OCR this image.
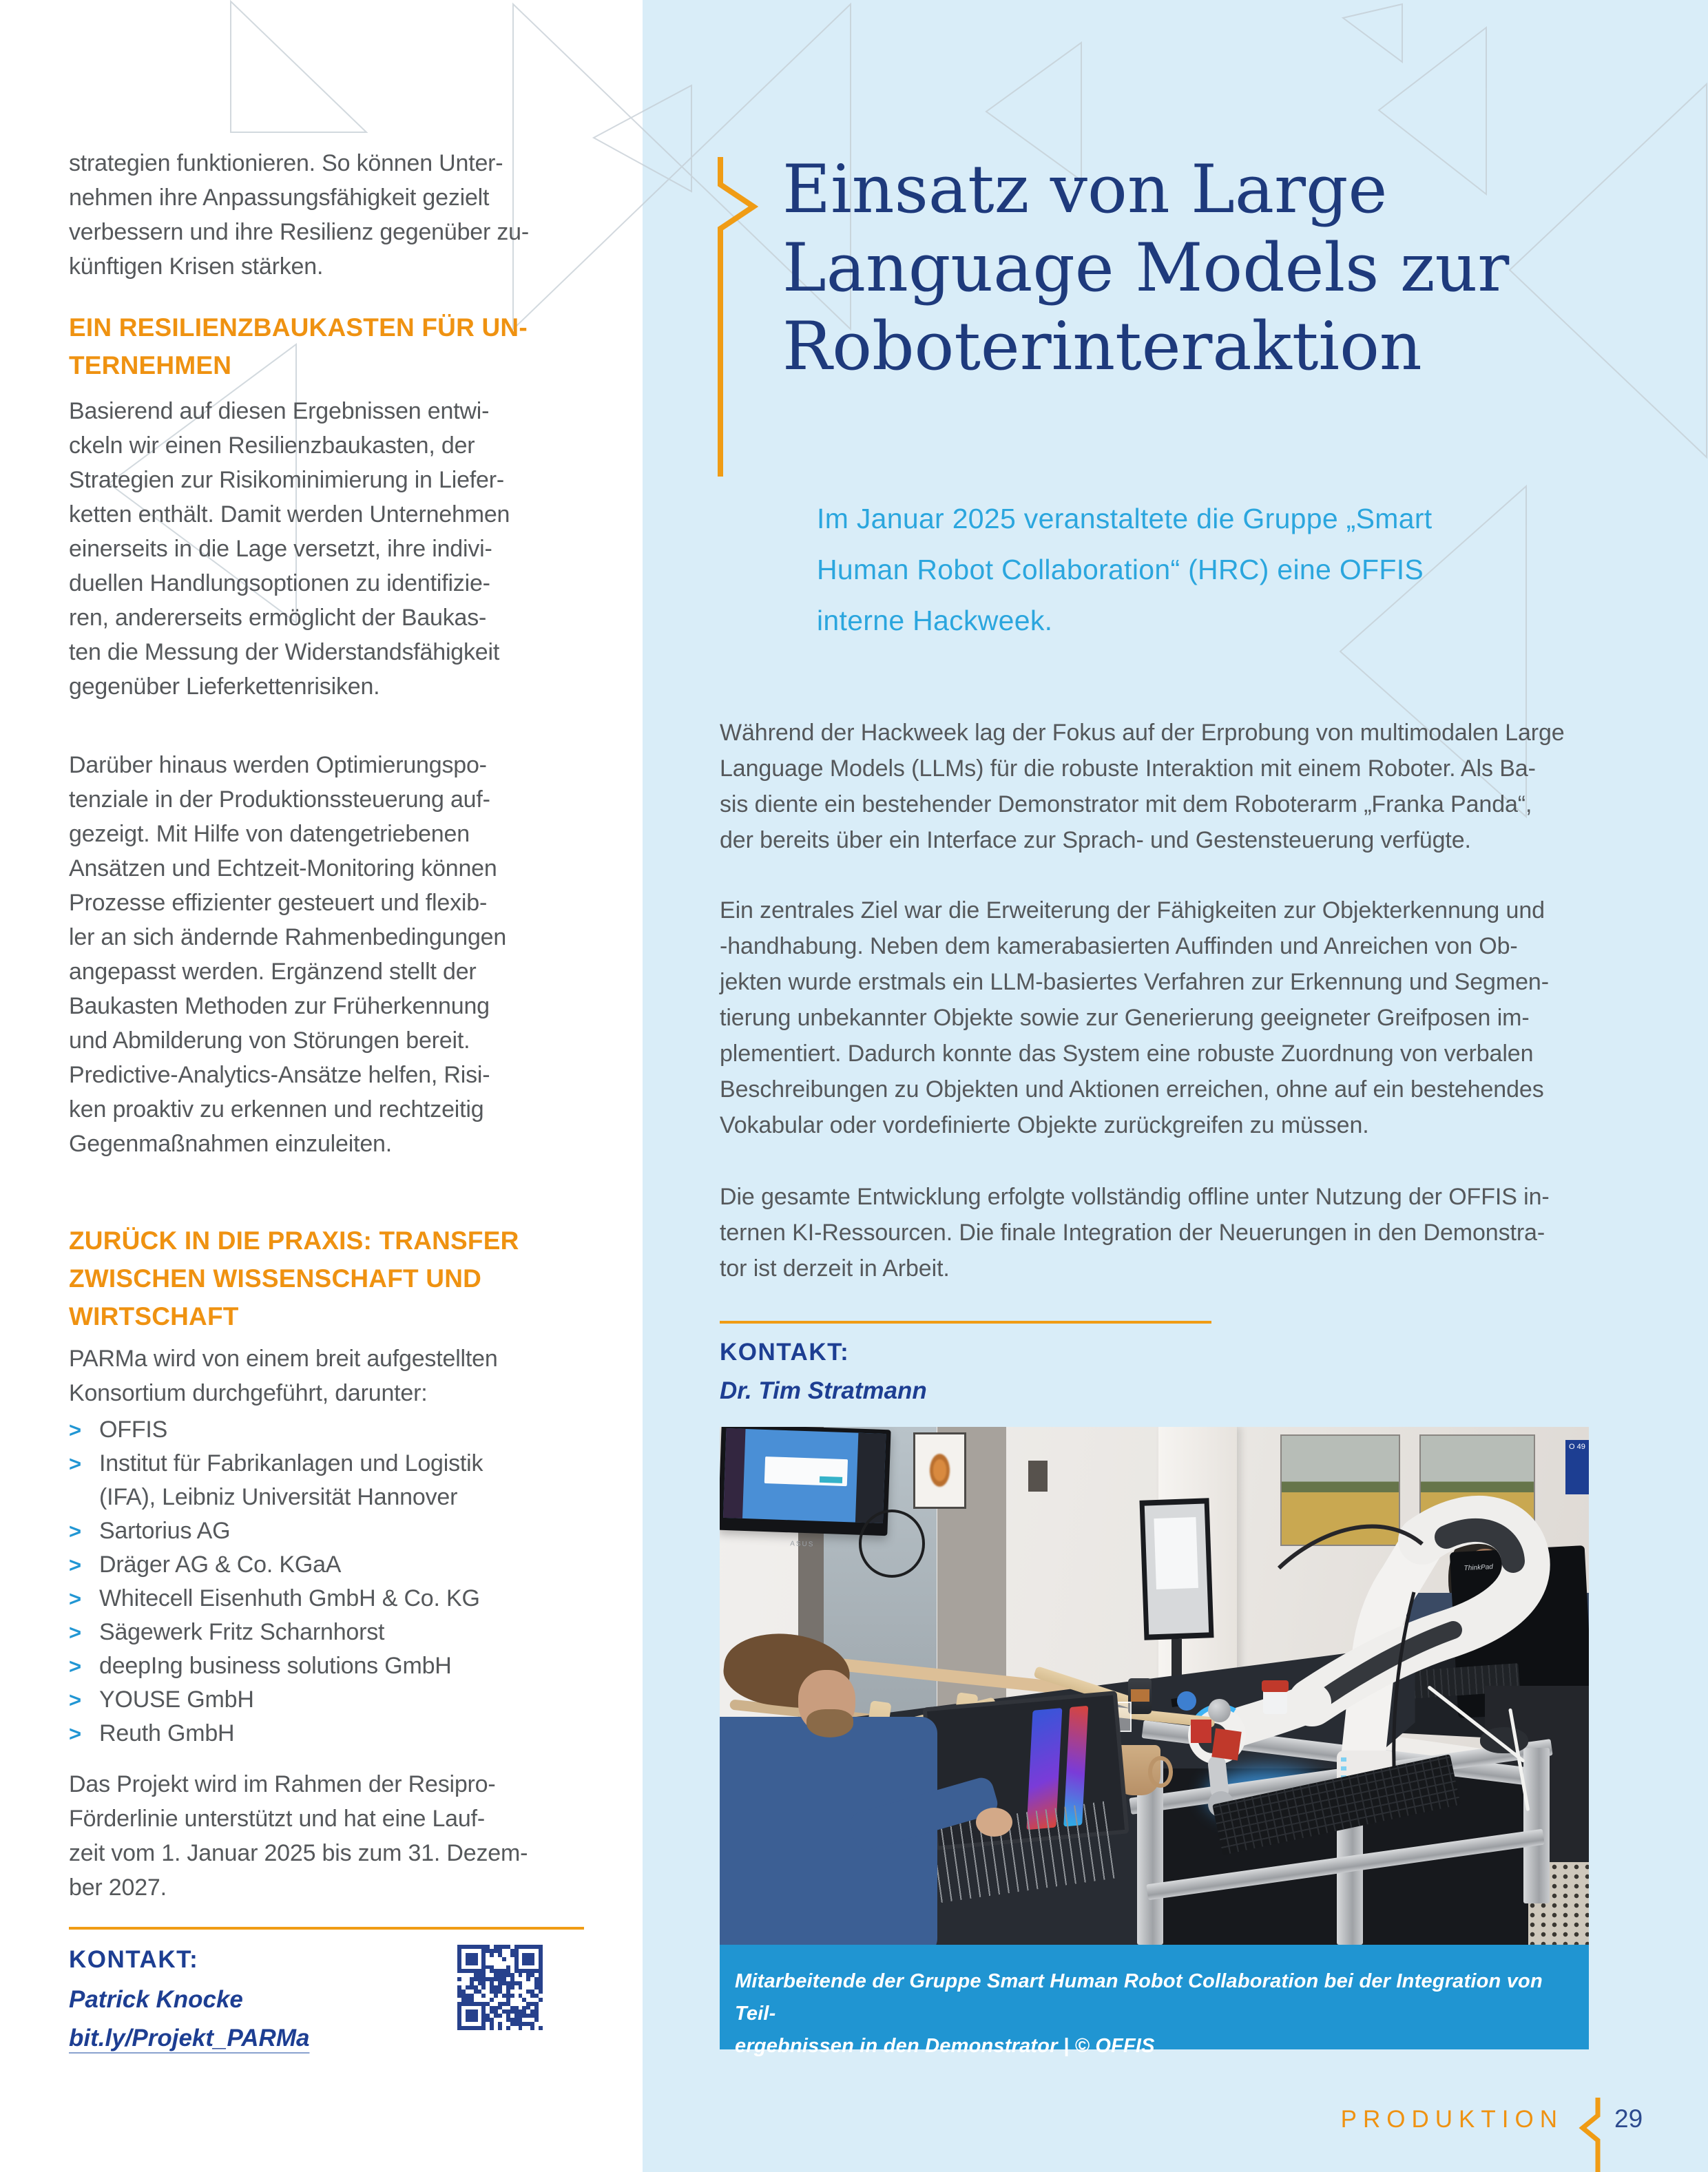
strategien funktionieren. So können Unter-
nehmen ihre Anpassungsfähigkeit gezielt
verbessern und ihre Resilienz gegenüber zu-
künftigen Krisen stärken.

EIN RESILIENZBAUKASTEN FÜR UN-
TERNEHMEN

Basierend auf diesen Ergebnissen entwi-
ckeln wir einen Resilienzbaukasten, der
Strategien zur Risikominimierung in Liefer-
ketten enthält. Damit werden Unternehmen
einerseits in die Lage versetzt, ihre indivi-
duellen Handlungsoptionen zu identifizie-
ren, andererseits ermöglicht der Baukas-
ten die Messung der Widerstandsfähigkeit
gegenüber Lieferkettenrisiken.

Darüber hinaus werden Optimierungspo-
tenziale in der Produktionssteuerung auf-
gezeigt. Mit Hilfe von datengetriebenen
Ansätzen und Echtzeit-Monitoring können
Prozesse effizienter gesteuert und flexib-
ler an sich ändernde Rahmenbedingungen
angepasst werden. Ergänzend stellt der
Baukasten Methoden zur Früherkennung
und Abmilderung von Störungen bereit.
Predictive-Analytics-Ansätze helfen, Risi-
ken proaktiv zu erkennen und rechtzeitig
Gegenmaßnahmen einzuleiten.

ZURÜCK IN DIE PRAXIS: TRANSFER
ZWISCHEN WISSENSCHAFT UND
WIRTSCHAFT

PARMa wird von einem breit aufgestellten
Konsortium durchgeführt, darunter:

> OFFIS
> Institut für Fabrikanlagen und Logistik
(IFA), Leibniz Universität Hannover
> Sartorius AG
> Dräger AG & Co. KGaA
> Whitecell Eisenhuth GmbH & Co. KG
> Sägewerk Fritz Scharnhorst
> deepIng business solutions GmbH
> YOUSE GmbH
> Reuth GmbH

Das Projekt wird im Rahmen der Resipro-
Förderlinie unterstützt und hat eine Lauf-
zeit vom 1. Januar 2025 bis zum 31. Dezem-
ber 2027.

KONTAKT:
Patrick Knocke
bit.ly/Projekt_PARMa
Einsatz von Large
Language Models zur
Roboterinteraktion

Im Januar 2025 veranstaltete die Gruppe „Smart
Human Robot Collaboration“ (HRC) eine OFFIS
interne Hackweek.

Während der Hackweek lag der Fokus auf der Erprobung von multimodalen Large
Language Models (LLMs) für die robuste Interaktion mit einem Roboter. Als Ba-
sis diente ein bestehender Demonstrator mit dem Roboterarm „Franka Panda“,
der bereits über ein Interface zur Sprach- und Gestensteuerung verfügte.

Ein zentrales Ziel war die Erweiterung der Fähigkeiten zur Objekterkennung und
-handhabung. Neben dem kamerabasierten Auffinden und Anreichen von Ob-
jekten wurde erstmals ein LLM-basiertes Verfahren zur Erkennung und Segmen-
tierung unbekannter Objekte sowie zur Generierung geeigneter Greifposen im-
plementiert. Dadurch konnte das System eine robuste Zuordnung von verbalen
Beschreibungen zu Objekten und Aktionen erreichen, ohne auf ein bestehendes
Vokabular oder vordefinierte Objekte zurückgreifen zu müssen.

Die gesamte Entwicklung erfolgte vollständig offline unter Nutzung der OFFIS in-
ternen KI-Ressourcen. Die finale Integration der Neuerungen in den Demonstra-
tor ist derzeit in Arbeit.

KONTAKT:
Dr. Tim Stratmann
O 49
ASUS
ThinkPad
Mitarbeitende der Gruppe Smart Human Robot Collaboration bei der Integration von Teil-
ergebnissen in den Demonstrator | © OFFIS
PRODUKTION 29
